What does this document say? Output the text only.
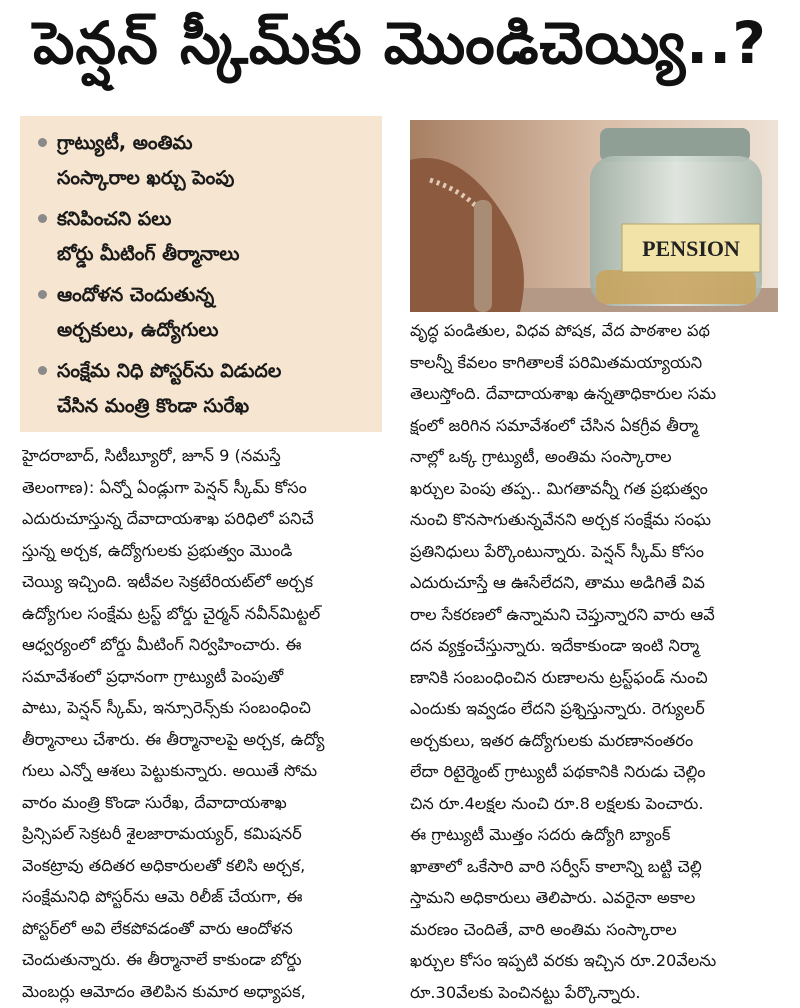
పెన్షన్ స్కీమ్‌కు మొండిచెయ్యి..?
గ్రాట్యుటీ, అంతిమ
సంస్కారాల ఖర్చు పెంపు
కనిపించని పలు
బోర్డు మీటింగ్ తీర్మానాలు
ఆందోళన చెందుతున్న
అర్చకులు, ఉద్యోగులు
సంక్షేమ నిధి పోస్టర్‌ను విడుదల
చేసిన మంత్రి కొండా సురేఖ
PENSION
హైదరాబాద్, సిటీబ్యూరో, జూన్ 9 (నమస్తే
తెలంగాణ): ఏన్నో ఏండ్లుగా పెన్షన్ స్కీమ్ కోసం
ఎదురుచూస్తున్న దేవాదాయశాఖ పరిధిలో పనిచే
స్తున్న అర్చక, ఉద్యోగులకు ప్రభుత్వం మొండి
చెయ్యి ఇచ్చింది. ఇటీవల సెక్రటేరియట్‌లో అర్చక
ఉద్యోగుల సంక్షేమ ట్రస్ట్ బోర్డు చైర్మన్ నవీన్‌మిట్టల్
ఆధ్వర్యంలో బోర్డు మీటింగ్ నిర్వహించారు. ఈ
సమావేశంలో ప్రధానంగా గ్రాట్యుటీ పెంపుతో
పాటు, పెన్షన్ స్కీమ్, ఇన్సూరెన్స్‌కు సంబంధించి
తీర్మానాలు చేశారు. ఈ తీర్మానాలపై అర్చక, ఉద్యో
గులు ఎన్నో ఆశలు పెట్టుకున్నారు. అయితే సోమ
వారం మంత్రి కొండా సురేఖ, దేవాదాయశాఖ
ప్రిన్సిపల్ సెక్రటరీ శైలజారామయ్యర్, కమిషనర్
వెంకట్రావు తదితర అధికారులతో కలిసి అర్చక,
సంక్షేమనిధి పోస్టర్‌ను ఆమె రిలీజ్ చేయగా, ఈ
పోస్టర్‌లో అవి లేకపోవడంతో వారు ఆందోళన
చెందుతున్నారు. ఈ తీర్మానాలే కాకుండా బోర్డు
మెంబర్లు ఆమోదం తెలిపిన కుమార అధ్యాపక,
వృద్ధ పండితుల, విధవ పోషక, వేద పాఠశాల పథ
కాలన్నీ కేవలం కాగితాలకే పరిమితమయ్యాయని
తెలుస్తోంది. దేవాదాయశాఖ ఉన్నతాధికారుల సమ
క్షంలో జరిగిన సమావేశంలో చేసిన ఏకగ్రీవ తీర్మా
నాల్లో ఒక్క గ్రాట్యుటీ, అంతిమ సంస్కారాల
ఖర్చుల పెంపు తప్ప.. మిగతావన్నీ గత ప్రభుత్వం
నుంచి కొనసాగుతున్నవేనని అర్చక సంక్షేమ సంఘ
ప్రతినిధులు పేర్కొంటున్నారు. పెన్షన్ స్కీమ్ కోసం
ఎదురుచూస్తే ఆ ఊసేలేదని, తాము అడిగితే వివ
రాల సేకరణలో ఉన్నామని చెప్తున్నారని వారు ఆవే
దన వ్యక్తంచేస్తున్నారు. ఇదేకాకుండా ఇంటి నిర్మా
ణానికి సంబంధించిన రుణాలను ట్రస్ట్‌ఫండ్ నుంచి
ఎందుకు ఇవ్వడం లేదని ప్రశ్నిస్తున్నారు. రెగ్యులర్
అర్చకులు, ఇతర ఉద్యోగులకు మరణానంతరం
లేదా రిటైర్మెంట్ గ్రాట్యుటీ పథకానికి నిరుడు చెల్లిం
చిన రూ.4లక్షల నుంచి రూ.8 లక్షలకు పెంచారు.
ఈ గ్రాట్యుటీ మొత్తం సదరు ఉద్యోగి బ్యాంక్
ఖాతాలో ఒకేసారి వారి సర్వీస్ కాలాన్ని బట్టి చెల్లి
స్తామని అధికారులు తెలిపారు. ఎవరైనా అకాల
మరణం చెందితే, వారి అంతిమ సంస్కారాల
ఖర్చుల కోసం ఇప్పటి వరకు ఇచ్చిన రూ.20వేలను
రూ.30వేలకు పెంచినట్టు పేర్కొన్నారు.
